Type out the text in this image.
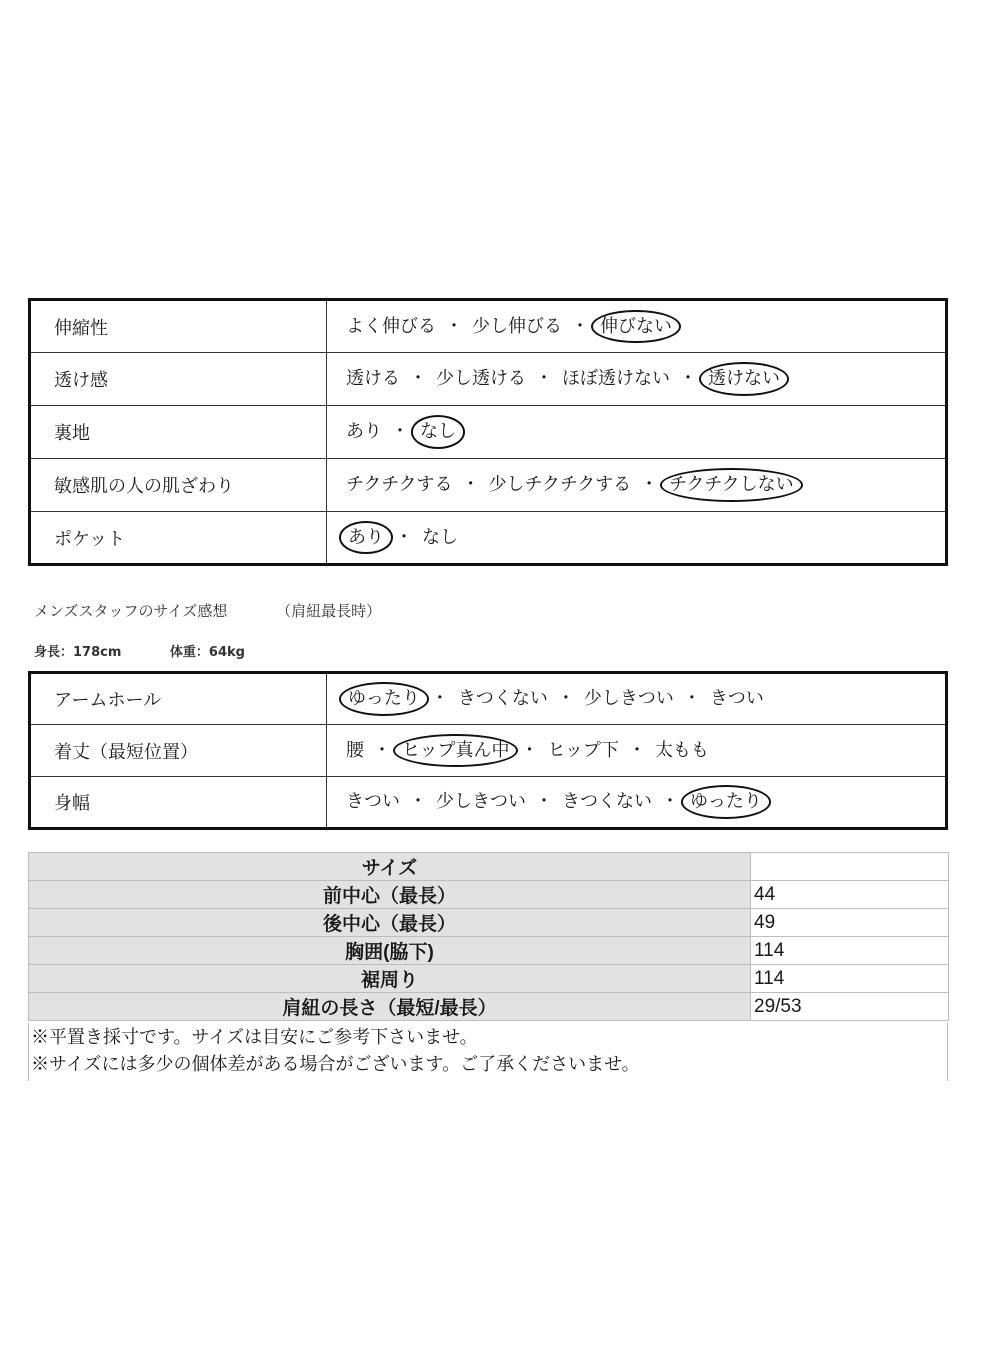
伸縮性	よく伸びる ・ 少し伸びる ・ 伸びない
透け感	透ける ・ 少し透ける ・ ほぼ透けない ・ 透けない
裏地	あり ・ なし
敏感肌の人の肌ざわり	チクチクする ・ 少しチクチクする ・ チクチクしない
ポケット	あり ・ なし
メンズスタッフのサイズ感想	（肩紐最長時）
身長：178cm	体重：64kg
アームホール	ゆったり ・ きつくない ・ 少しきつい ・ きつい
着丈（最短位置）	腰 ・ ヒップ真ん中 ・ ヒップ下 ・ 太もも
身幅	きつい ・ 少しきつい ・ きつくない ・ ゆったり
サイズ	
前中心（最長）	44
後中心（最長）	49
胸囲(脇下)	114
裾周り	114
肩紐の長さ（最短/最長）	29/53
※平置き採寸です。サイズは目安にご参考下さいませ。
※サイズには多少の個体差がある場合がございます。ご了承くださいませ。
